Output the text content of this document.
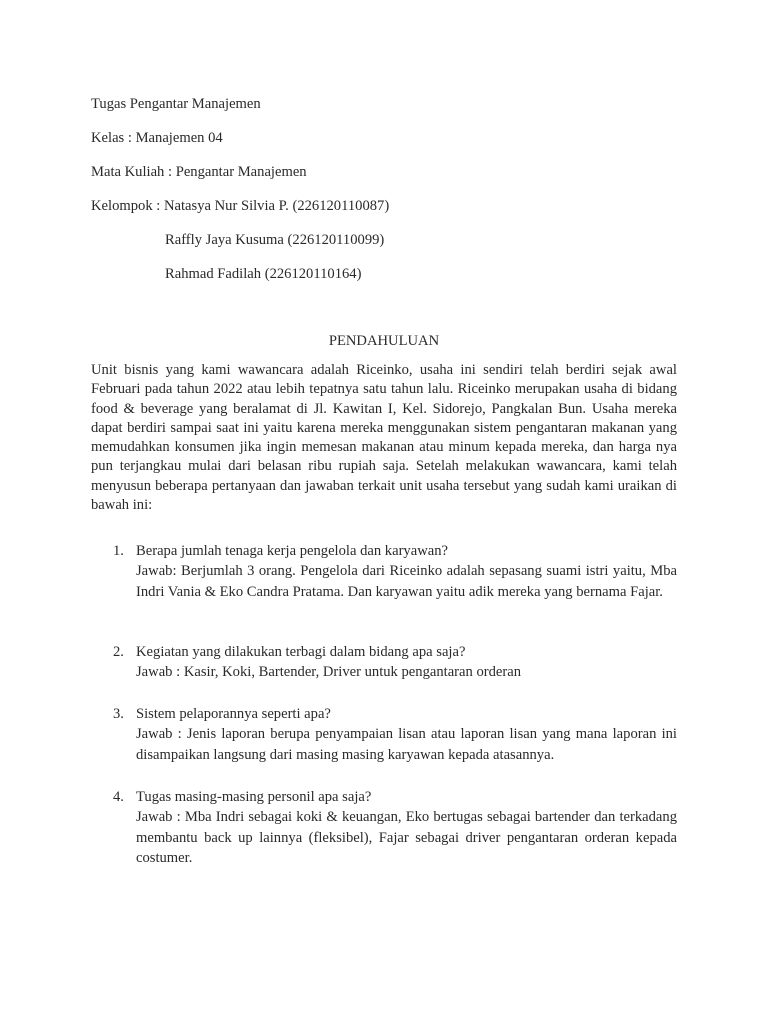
Tugas Pengantar Manajemen
Kelas : Manajemen 04
Mata Kuliah : Pengantar Manajemen
Kelompok : Natasya Nur Silvia P. (226120110087)
Raffly Jaya Kusuma (226120110099)
Rahmad Fadilah (226120110164)
PENDAHULUAN

Unit bisnis yang kami wawancara adalah Riceinko, usaha ini sendiri telah berdiri sejak awal Februari pada tahun 2022 atau lebih tepatnya satu tahun lalu. Riceinko merupakan usaha di bidang food & beverage yang beralamat di Jl. Kawitan I, Kel. Sidorejo, Pangkalan Bun. Usaha mereka dapat berdiri sampai saat ini yaitu karena mereka menggunakan sistem pengantaran makanan yang memudahkan konsumen jika ingin memesan makanan atau minum kepada mereka, dan harga nya pun terjangkau mulai dari belasan ribu rupiah saja. Setelah melakukan wawancara, kami telah menyusun beberapa pertanyaan dan jawaban terkait unit usaha tersebut yang sudah kami uraikan di bawah ini:

1. Berapa jumlah tenaga kerja pengelola dan karyawan?

Jawab: Berjumlah 3 orang. Pengelola dari Riceinko adalah sepasang suami istri yaitu, Mba Indri Vania & Eko Candra Pratama. Dan karyawan yaitu adik mereka yang bernama Fajar.

2. Kegiatan yang dilakukan terbagi dalam bidang apa saja?

Jawab : Kasir, Koki, Bartender, Driver untuk pengantaran orderan

3. Sistem pelaporannya seperti apa?

Jawab : Jenis laporan berupa penyampaian lisan atau laporan lisan yang mana laporan ini disampaikan langsung dari masing masing karyawan kepada atasannya.

4. Tugas masing-masing personil apa saja?

Jawab : Mba Indri sebagai koki & keuangan, Eko bertugas sebagai bartender dan terkadang membantu back up lainnya (fleksibel), Fajar sebagai driver pengantaran orderan kepada costumer.
